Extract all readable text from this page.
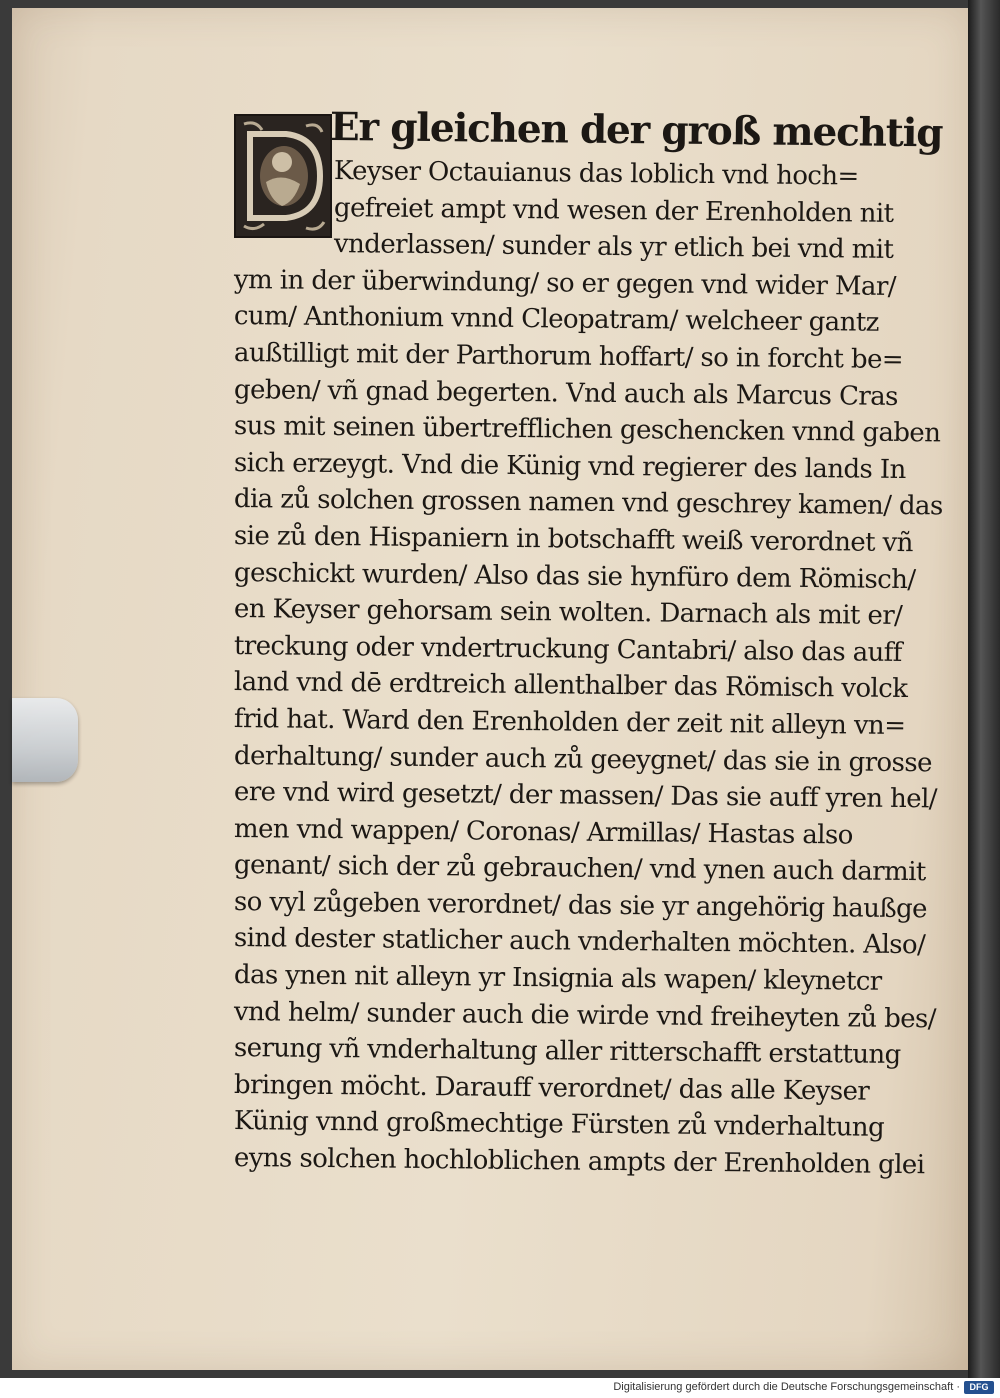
Er gleichen der groß mechtig
Keyser Octauianus das loblich vnd hoch=
gefreiet ampt vnd wesen der Erenholden nit
vnderlassen/ sunder als yr etlich bei vnd mit
ym in der überwindung/ so er gegen vnd wider Mar/
cum/ Anthonium vnnd Cleopatram/ welcheer gantz
außtilligt mit der Parthorum hoffart/ so in forcht be=
geben/ vñ gnad begerten. Vnd auch als Marcus Cras
sus mit seinen übertrefflichen geschencken vnnd gaben
sich erzeygt. Vnd die Künig vnd regierer des lands In
dia zů solchen grossen namen vnd geschrey kamen/ das
sie zů den Hispaniern in botschafft weiß verordnet vñ
geschickt wurden/ Also das sie hynfüro dem Römisch/
en Keyser gehorsam sein wolten. Darnach als mit er/
treckung oder vndertruckung Cantabri/ also das auff
land vnd dē erdtreich allenthalber das Römisch volck
frid hat. Ward den Erenholden der zeit nit alleyn vn=
derhaltung/ sunder auch zů geeygnet/ das sie in grosse
ere vnd wird gesetzt/ der massen/ Das sie auff yren hel/
men vnd wappen/ Coronas/ Armillas/ Hastas also
genant/ sich der zů gebrauchen/ vnd ynen auch darmit
so vyl zůgeben verordnet/ das sie yr angehörig haußge
sind dester statlicher auch vnderhalten möchten. Also/
das ynen nit alleyn yr Insignia als wapen/ kleynetcr
vnd helm/ sunder auch die wirde vnd freiheyten zů bes/
serung vñ vnderhaltung aller ritterschafft erstattung
bringen möcht. Darauff verordnet/ das alle Keyser
Künig vnnd großmechtige Fürsten zů vnderhaltung
eyns solchen hochloblichen ampts der Erenholden glei
Digitalisierung gefördert durch die Deutsche Forschungsgemeinschaft ·	DFG
